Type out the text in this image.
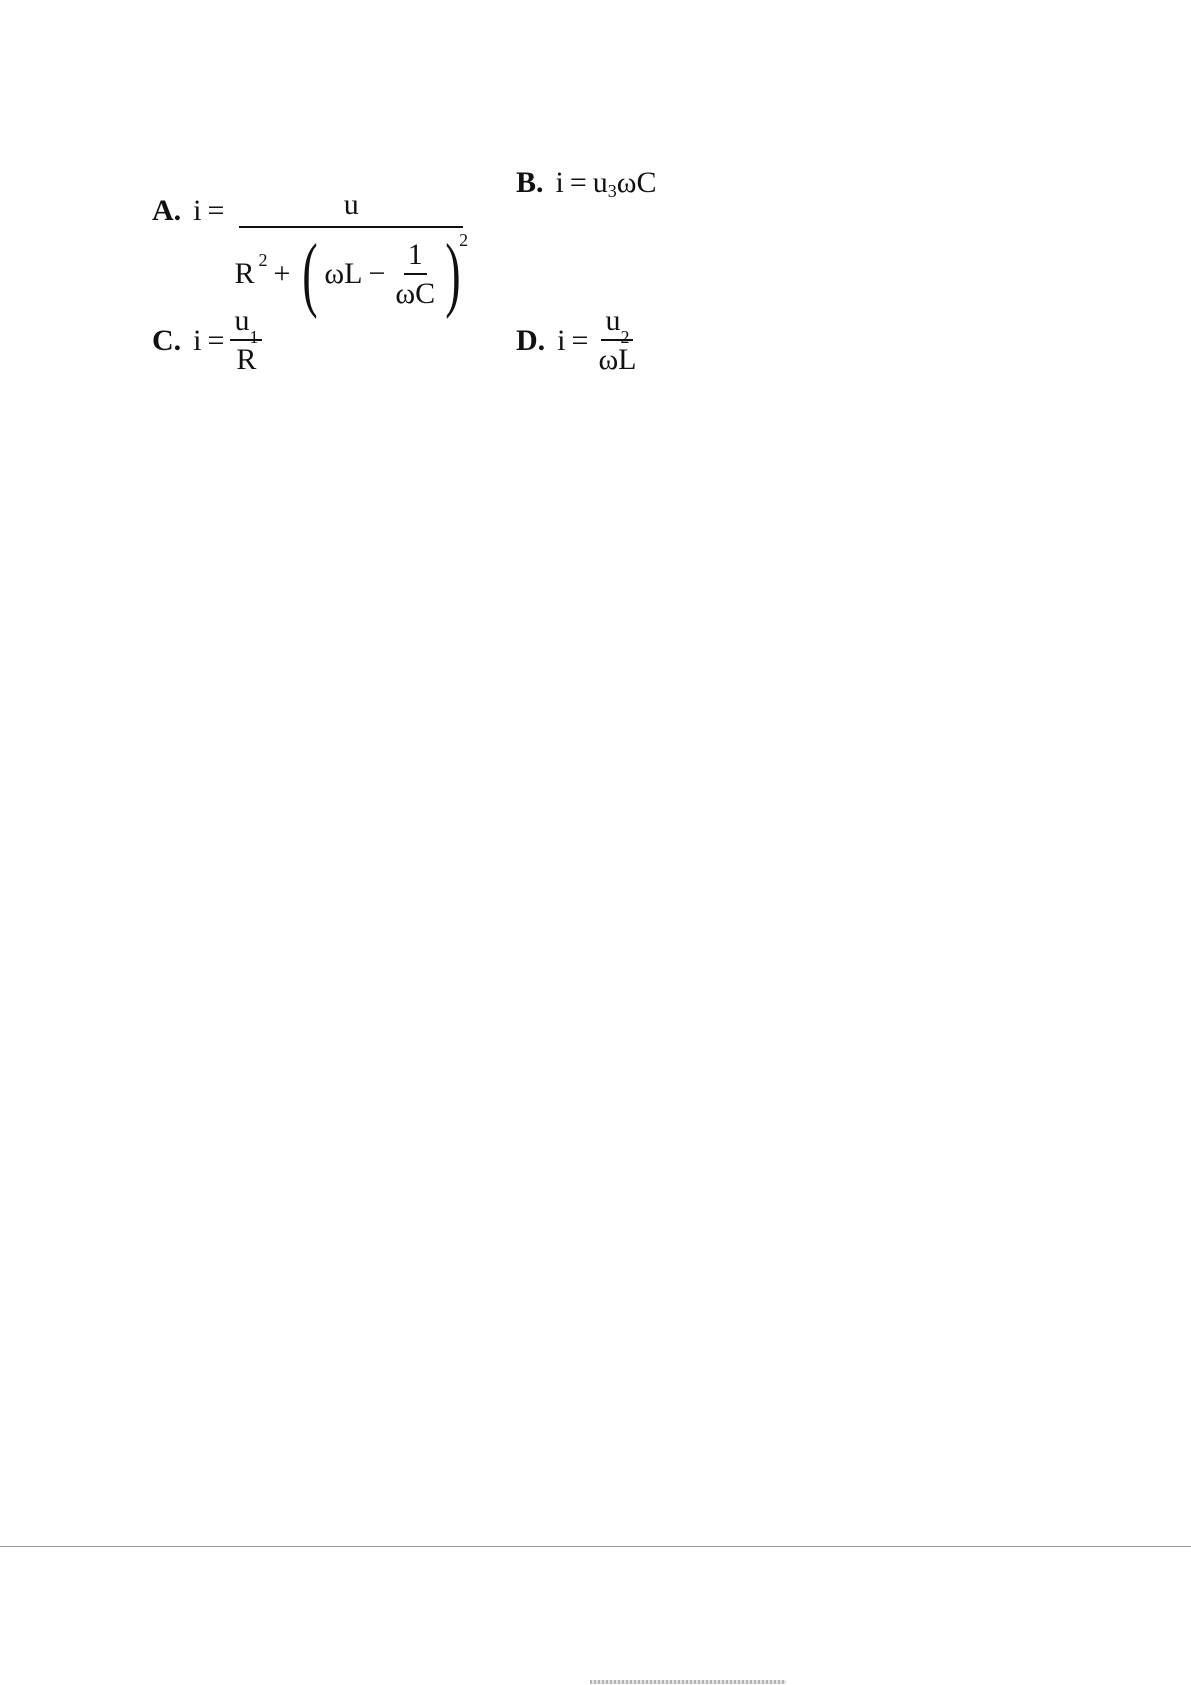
A. i =	u
$R^2$ + ( $\omega L - \frac{1}{\omega C}$ )
$^2$
B. $i = u_3$ ωC
C. $i = \frac{u_1}{R}$	D. $i = \frac{u_2}{\omega L}$
